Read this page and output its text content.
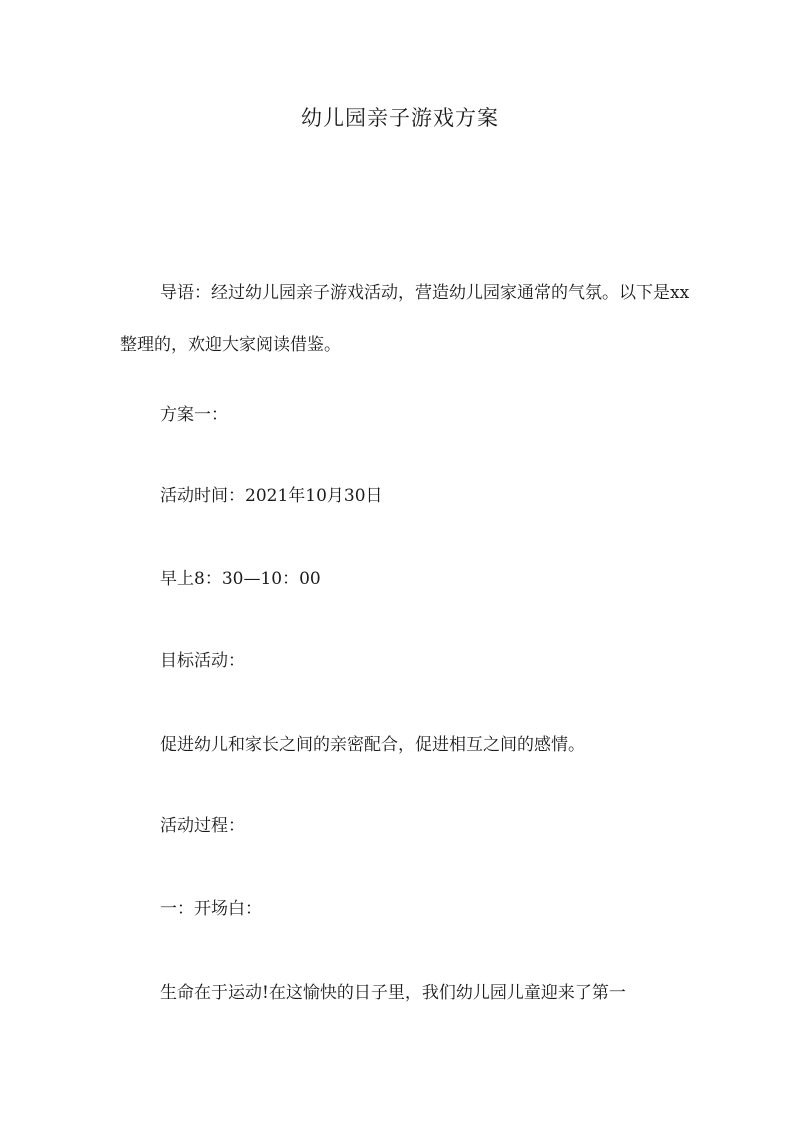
幼儿园亲子游戏方案

导语：经过幼儿园亲子游戏活动，营造幼儿园家通常的气氛。以下是xx整理的，欢迎大家阅读借鉴。

方案一：

活动时间：2021年10月30日

早上8：30—10：00

目标活动：

促进幼儿和家长之间的亲密配合，促进相互之间的感情。

活动过程：

一：开场白：

生命在于运动!在这愉快的日子里，我们幼儿园儿童迎来了第一
